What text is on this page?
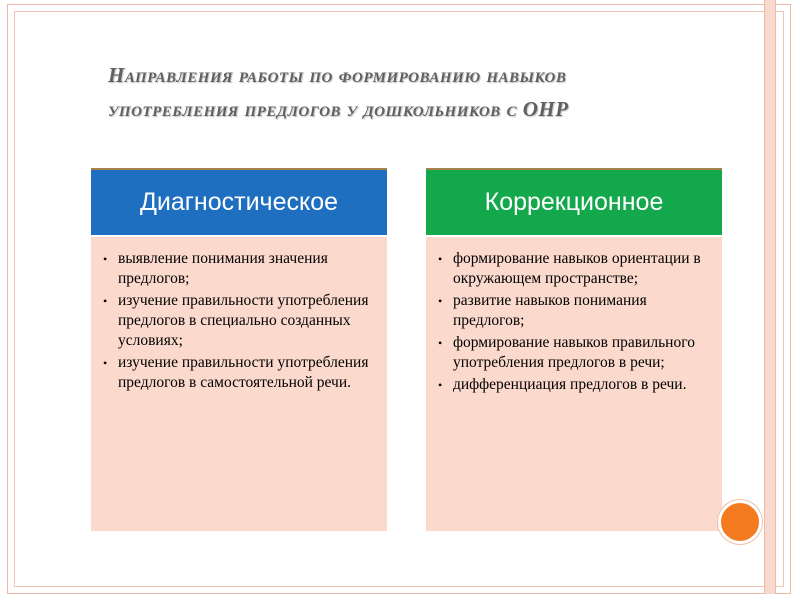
Направления работы по формированию навыков
употребления предлогов у дошкольников с ОНР
Диагностическое
• выявление понимания значения предлогов;
• изучение правильности употребления предлогов в специально созданных условиях;
• изучение правильности употребления предлогов в самостоятельной речи.
Коррекционное
• формирование навыков ориентации в окружающем пространстве;
• развитие навыков понимания предлогов;
• формирование навыков правильного употребления предлогов в речи;
• дифференциация предлогов в речи.
